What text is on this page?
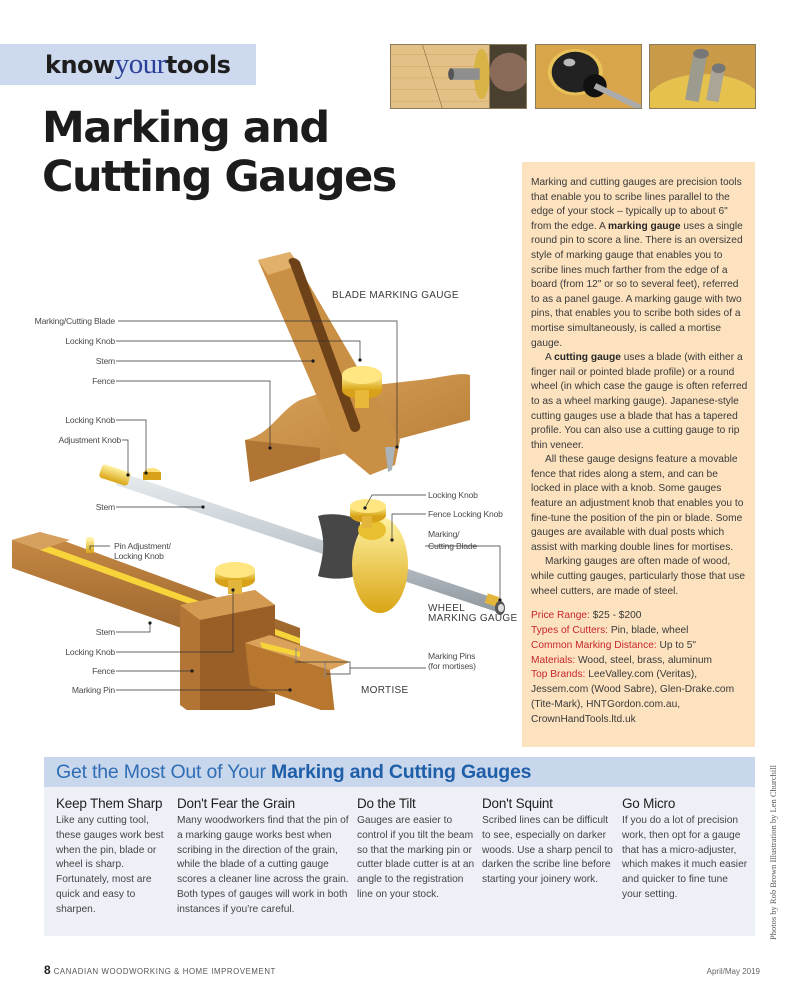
knowyourtools
Marking and
Cutting Gauges	Marking and cutting gauges are precision tools that enable you to scribe lines parallel to the edge of your stock – typically up to about 6" from the edge. A marking gauge uses a single round pin to score a line. There is an oversized style of marking gauge that enables you to scribe lines much farther from the edge of a board (from 12" or so to several feet), referred to as a panel gauge. A marking gauge with two pins, that enables you to scribe both sides of a mortise simultaneously, is called a mortise gauge.

A cutting gauge uses a blade (with either a finger nail or pointed blade profile) or a round wheel (in which case the gauge is often referred to as a wheel marking gauge). Japanese-style cutting gauges use a blade that has a tapered profile. You can also use a cutting gauge to rip thin veneer.

All these gauge designs feature a movable fence that rides along a stem, and can be locked in place with a knob. Some gauges feature an adjustment knob that enables you to fine-tune the position of the pin or blade. Some gauges are available with dual posts which assist with marking double lines for mortises.

Marking gauges are often made of wood, while cutting gauges, particularly those that use wheel cutters, are made of steel.

Price Range: $25 - $200
Types of Cutters: Pin, blade, wheel
Common Marking Distance: Up to 5"
Materials: Wood, steel, brass, aluminum
Top Brands: LeeValley.com (Veritas), Jessem.com (Wood Sabre), Glen-Drake.com (Tite-Mark), HNTGordon.com.au, CrownHandTools.ltd.uk
BLADE MARKING GAUGE
Marking/Cutting Blade
Locking Knob
Stem
Fence
Locking Knob
Adjustment Knob
Stem
Locking Knob
Fence Locking Knob
Marking/
Cutting Blade
WHEEL
MARKING GAUGE
Pin Adjustment/
Locking Knob
Stem
Locking Knob
Fence
Marking Pin
Marking Pins
(for mortises)
MORTISE
Get the Most Out of Your Marking and Cutting Gauges
Keep Them Sharp

Like any cutting tool, these gauges work best when the pin, blade or wheel is sharp. Fortunately, most are quick and easy to sharpen.

Don't Fear the Grain

Many woodworkers find that the pin of a marking gauge works best when scribing in the direction of the grain, while the blade of a cutting gauge scores a cleaner line across the grain. Both types of gauges will work in both instances if you're careful.

Do the Tilt

Gauges are easier to control if you tilt the beam so that the marking pin or cutter blade cutter is at an angle to the registration line on your stock.

Don't Squint

Scribed lines can be difficult to see, especially on darker woods. Use a sharp pencil to darken the scribe line before starting your joinery work.

Go Micro

If you do a lot of precision work, then opt for a gauge that has a micro-adjuster, which makes it much easier and quicker to fine tune your setting.	Photos by Rob Brown Illustration by Len Churchill
8 CANADIAN WOODWORKING & HOME IMPROVEMENT	April/May 2019
